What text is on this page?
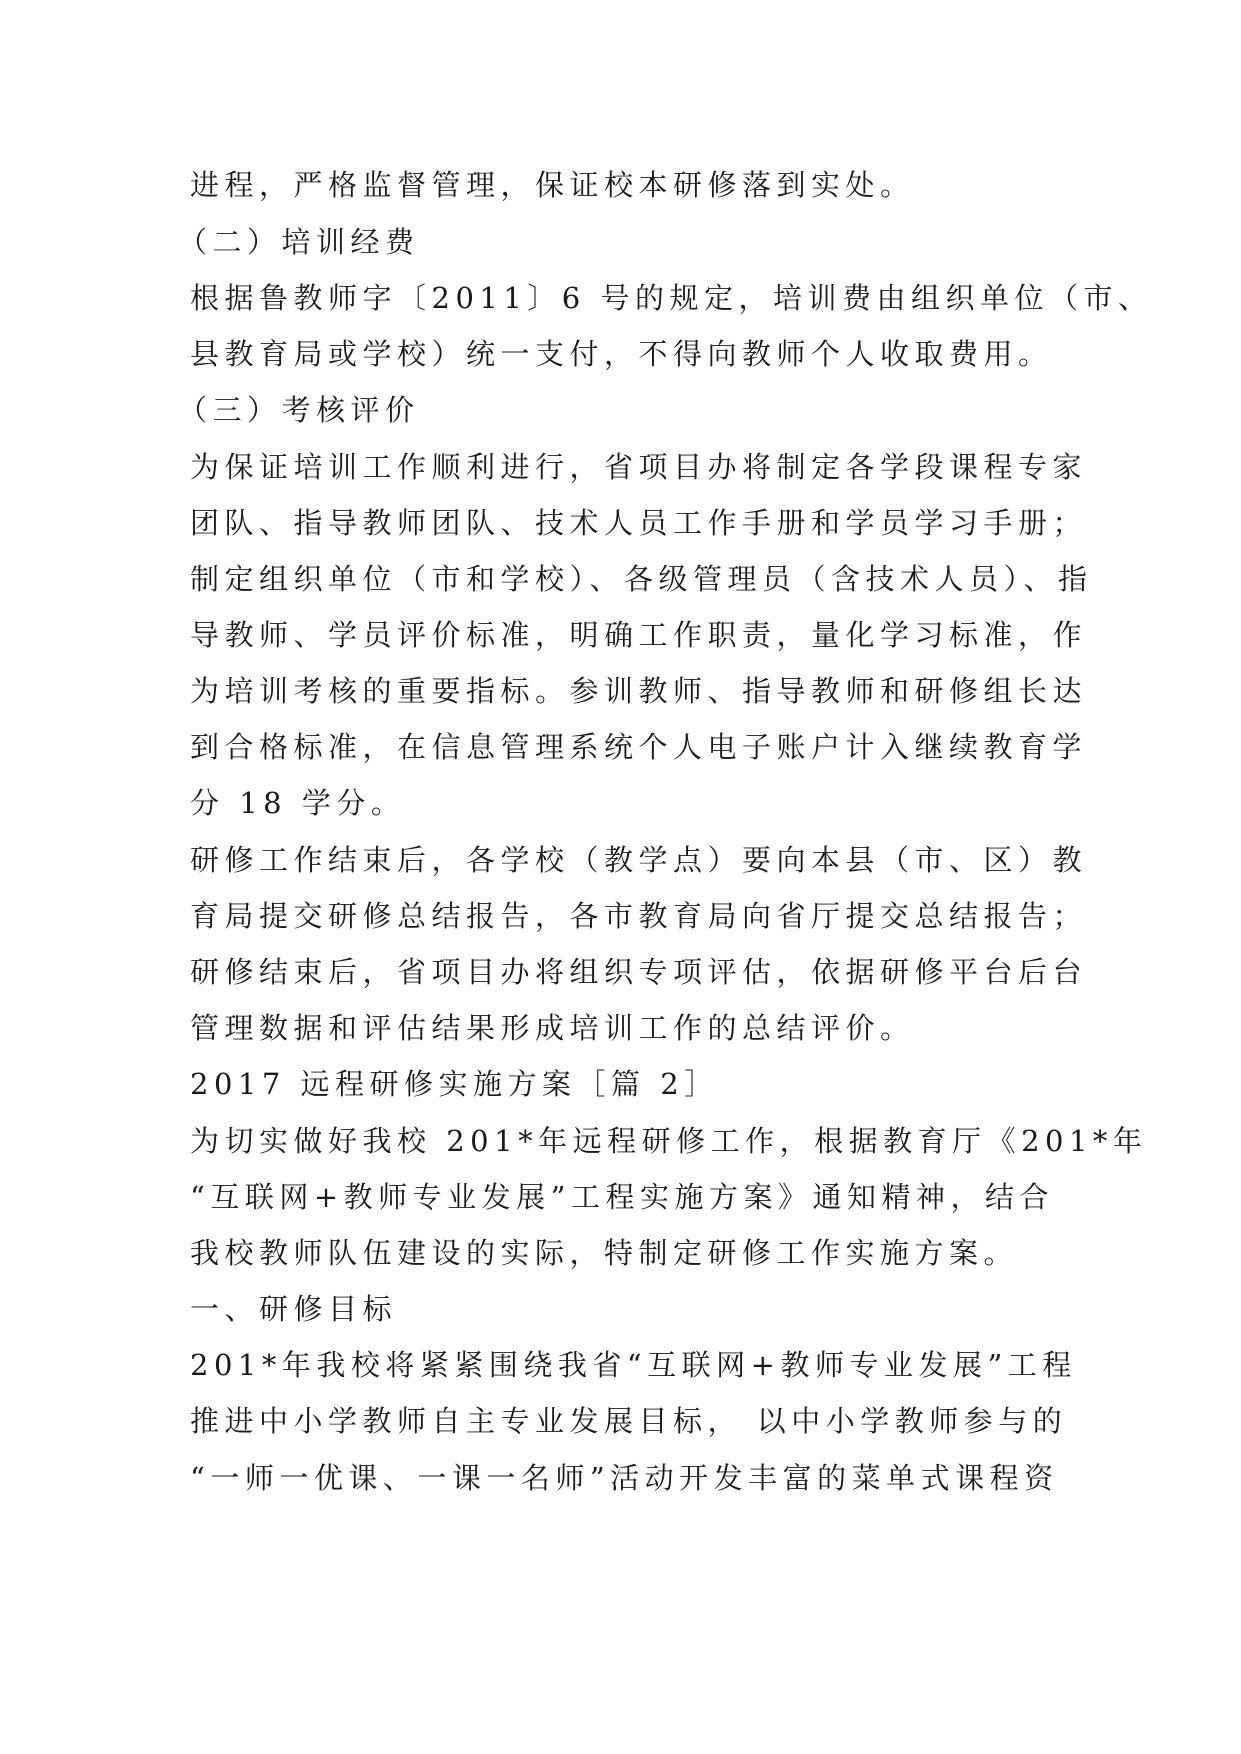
进程，严格监督管理，保证校本研修落到实处。
（二）培训经费
根据鲁教师字〔2011〕6 号的规定，培训费由组织单位（市、
县教育局或学校）统一支付，不得向教师个人收取费用。
（三）考核评价
为保证培训工作顺利进行，省项目办将制定各学段课程专家
团队、指导教师团队、技术人员工作手册和学员学习手册；
制定组织单位（市和学校）、各级管理员（含技术人员）、指
导教师、学员评价标准，明确工作职责，量化学习标准，作
为培训考核的重要指标。参训教师、指导教师和研修组长达
到合格标准，在信息管理系统个人电子账户计入继续教育学
分 18 学分。
研修工作结束后，各学校（教学点）要向本县（市、区）教
育局提交研修总结报告，各市教育局向省厅提交总结报告；
研修结束后，省项目办将组织专项评估，依据研修平台后台
管理数据和评估结果形成培训工作的总结评价。
2017 远程研修实施方案［篇 2］
为切实做好我校 201*年远程研修工作，根据教育厅《201*年
“互联网+教师专业发展”工程实施方案》通知精神，结合
我校教师队伍建设的实际，特制定研修工作实施方案。
一、研修目标
201*年我校将紧紧围绕我省“互联网+教师专业发展”工程
推进中小学教师自主专业发展目标， 以中小学教师参与的
“一师一优课、一课一名师”活动开发丰富的菜单式课程资
